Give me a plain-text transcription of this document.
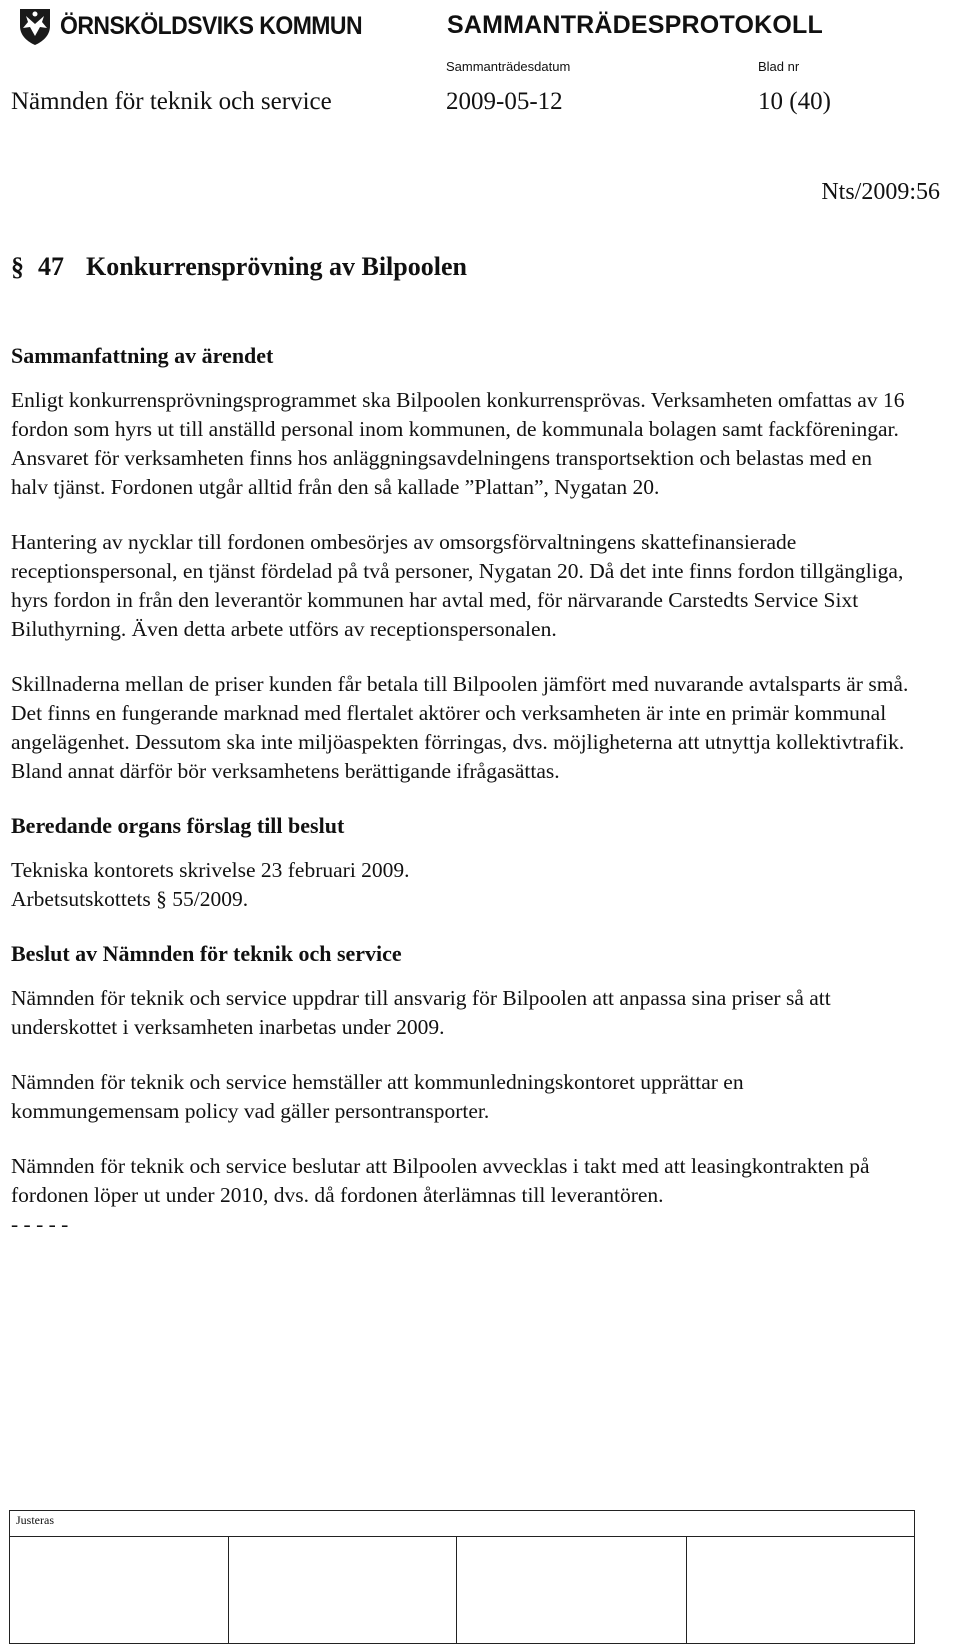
ÖRNSKÖLDSVIKS KOMMUN	SAMMANTRÄDESPROTOKOLL
Sammanträdesdatum	Blad nr
Nämnden för teknik och service	2009-05-12	10 (40)
Nts/2009:56
§ 47 Konkurrensprövning av Bilpoolen
Sammanfattning av ärendet

Enligt konkurrensprövningsprogrammet ska Bilpoolen konkurrensprövas. Verksamheten omfattas av 16 fordon som hyrs ut till anställd personal inom kommunen, de kommunala bolagen samt fackföreningar. Ansvaret för verksamheten finns hos anläggningsavdelningens transportsektion och belastas med en halv tjänst. Fordonen utgår alltid från den så kallade ”Plattan”, Nygatan 20.

Hantering av nycklar till fordonen ombesörjes av omsorgsförvaltningens skattefinansierade receptionspersonal, en tjänst fördelad på två personer, Nygatan 20. Då det inte finns fordon tillgängliga, hyrs fordon in från den leverantör kommunen har avtal med, för närvarande Carstedts Service Sixt Biluthyrning. Även detta arbete utförs av receptionspersonalen.

Skillnaderna mellan de priser kunden får betala till Bilpoolen jämfört med nuvarande avtalsparts är små. Det finns en fungerande marknad med flertalet aktörer och verksamheten är inte en primär kommunal angelägenhet. Dessutom ska inte miljöaspekten förringas, dvs. möjligheterna att utnyttja kollektivtrafik. Bland annat därför bör verksamhetens berättigande ifrågasättas.

Beredande organs förslag till beslut

Tekniska kontorets skrivelse 23 februari 2009.

Arbetsutskottets § 55/2009.

Beslut av Nämnden för teknik och service

Nämnden för teknik och service uppdrar till ansvarig för Bilpoolen att anpassa sina priser så att underskottet i verksamheten inarbetas under 2009.

Nämnden för teknik och service hemställer att kommunledningskontoret upprättar en kommungemensam policy vad gäller persontransporter.

Nämnden för teknik och service beslutar att Bilpoolen avvecklas i takt med att leasingkontrakten på fordonen löper ut under 2010, dvs. då fordonen återlämnas till leverantören.

- - - - -

Justeras
